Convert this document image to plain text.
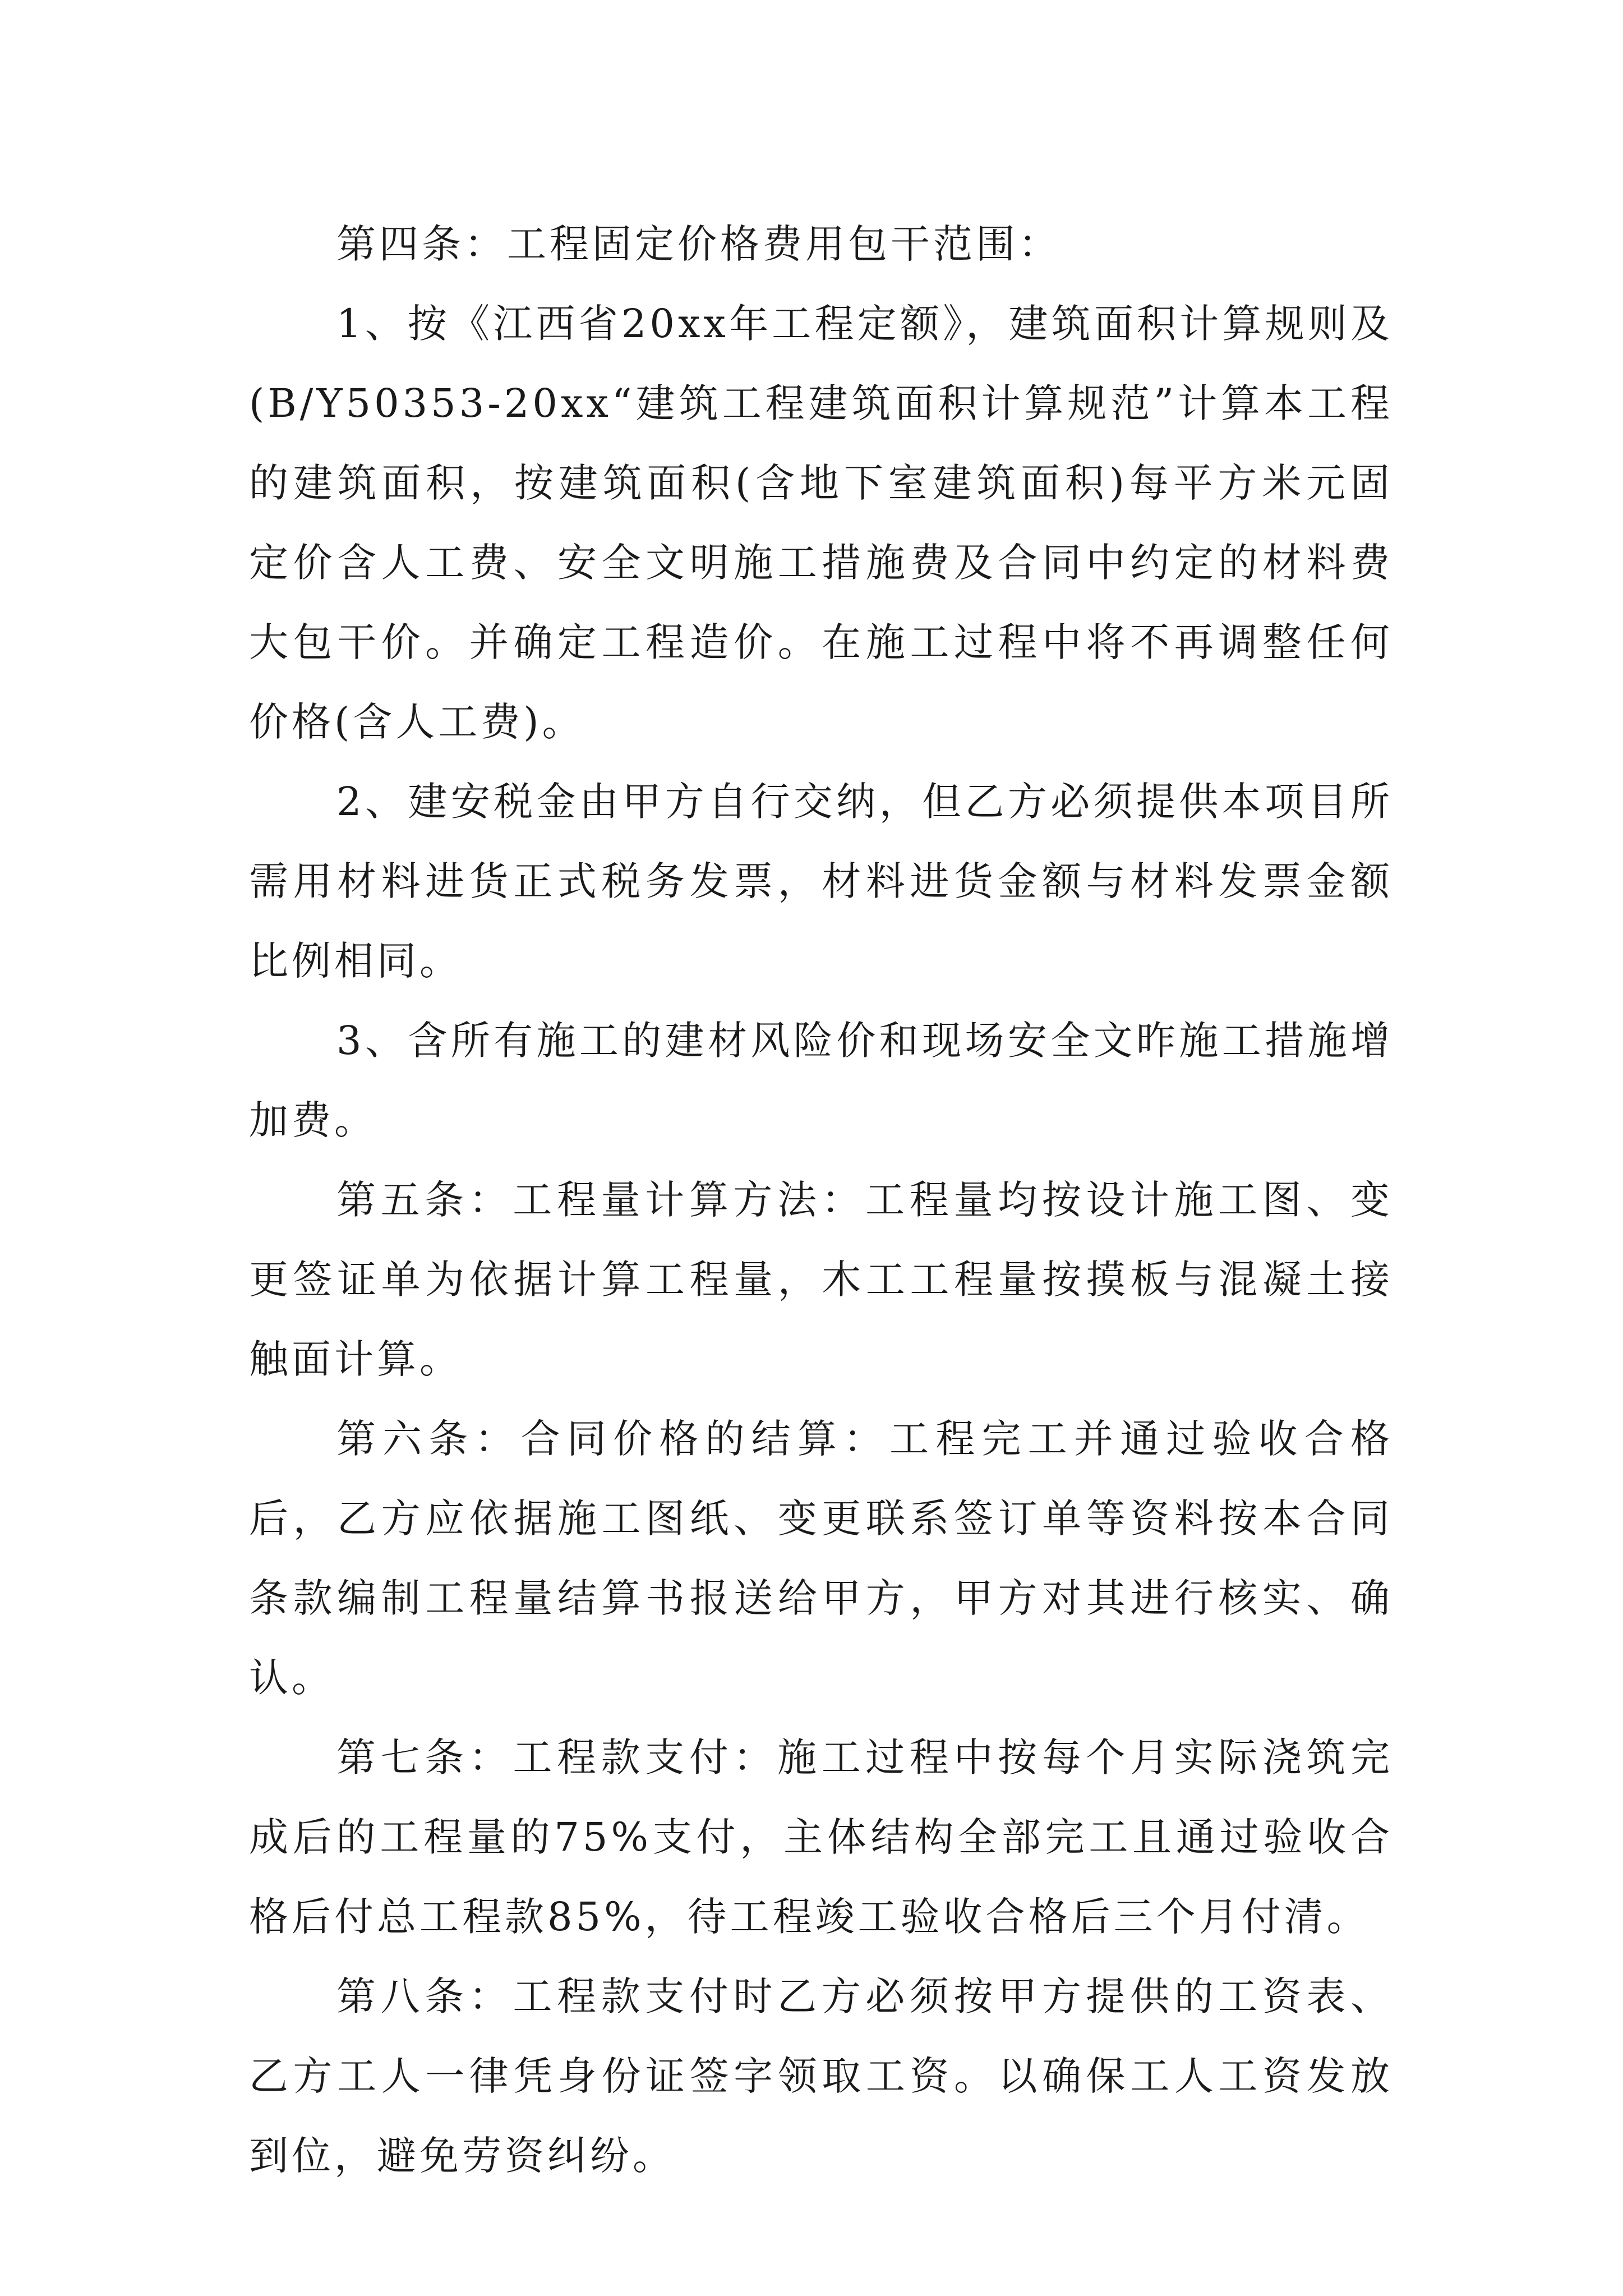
第四条：工程固定价格费用包干范围：

1、按《江西省20xx年工程定额》，建筑面积计算规则及(B/Y50353-20xx“建筑工程建筑面积计算规范”计算本工程的建筑面积，按建筑面积(含地下室建筑面积)每平方米元固定价含人工费、安全文明施工措施费及合同中约定的材料费大包干价。并确定工程造价。在施工过程中将不再调整任何价格(含人工费)。

2、建安税金由甲方自行交纳，但乙方必须提供本项目所需用材料进货正式税务发票，材料进货金额与材料发票金额比例相同。

3、含所有施工的建材风险价和现场安全文昨施工措施增加费。

第五条：工程量计算方法：工程量均按设计施工图、变更签证单为依据计算工程量，木工工程量按摸板与混凝土接触面计算。

第六条：合同价格的结算：工程完工并通过验收合格后，乙方应依据施工图纸、变更联系签订单等资料按本合同条款编制工程量结算书报送给甲方，甲方对其进行核实、确认。

第七条：工程款支付：施工过程中按每个月实际浇筑完成后的工程量的75%支付，主体结构全部完工且通过验收合格后付总工程款85%，待工程竣工验收合格后三个月付清。

第八条：工程款支付时乙方必须按甲方提供的工资表、乙方工人一律凭身份证签字领取工资。以确保工人工资发放到位，避免劳资纠纷。
